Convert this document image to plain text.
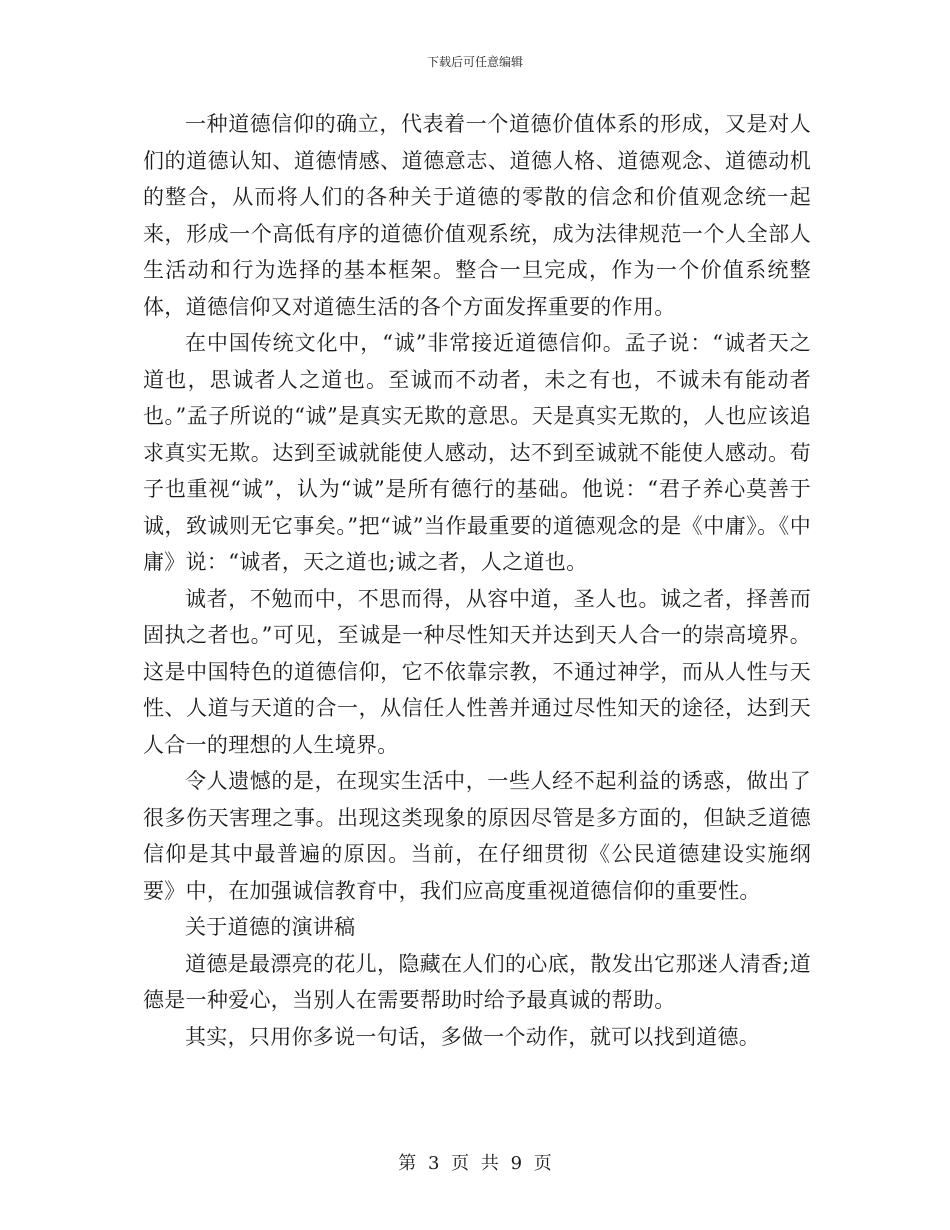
下载后可任意编辑

一种道德信仰的确立，代表着一个道德价值体系的形成，又是对人们的道德认知、道德情感、道德意志、道德人格、道德观念、道德动机的整合，从而将人们的各种关于道德的零散的信念和价值观念统一起来，形成一个高低有序的道德价值观系统，成为法律规范一个人全部人生活动和行为选择的基本框架。整合一旦完成，作为一个价值系统整体，道德信仰又对道德生活的各个方面发挥重要的作用。

在中国传统文化中，“诚”非常接近道德信仰。孟子说：“诚者天之道也，思诚者人之道也。至诚而不动者，未之有也，不诚未有能动者也。”孟子所说的“诚”是真实无欺的意思。天是真实无欺的，人也应该追求真实无欺。达到至诚就能使人感动，达不到至诚就不能使人感动。荀子也重视“诚”，认为“诚”是所有德行的基础。他说：“君子养心莫善于诚，致诚则无它事矣。”把“诚”当作最重要的道德观念的是《中庸》。《中庸》说：“诚者，天之道也;诚之者，人之道也。

诚者，不勉而中，不思而得，从容中道，圣人也。诚之者，择善而固执之者也。”可见，至诚是一种尽性知天并达到天人合一的崇高境界。这是中国特色的道德信仰，它不依靠宗教，不通过神学，而从人性与天性、人道与天道的合一，从信任人性善并通过尽性知天的途径，达到天人合一的理想的人生境界。

令人遗憾的是，在现实生活中，一些人经不起利益的诱惑，做出了很多伤天害理之事。出现这类现象的原因尽管是多方面的，但缺乏道德信仰是其中最普遍的原因。当前，在仔细贯彻《公民道德建设实施纲要》中，在加强诚信教育中，我们应高度重视道德信仰的重要性。

关于道德的演讲稿

道德是最漂亮的花儿，隐藏在人们的心底，散发出它那迷人清香;道德是一种爱心，当别人在需要帮助时给予最真诚的帮助。

其实，只用你多说一句话，多做一个动作，就可以找到道德。

第 3 页 共 9 页
